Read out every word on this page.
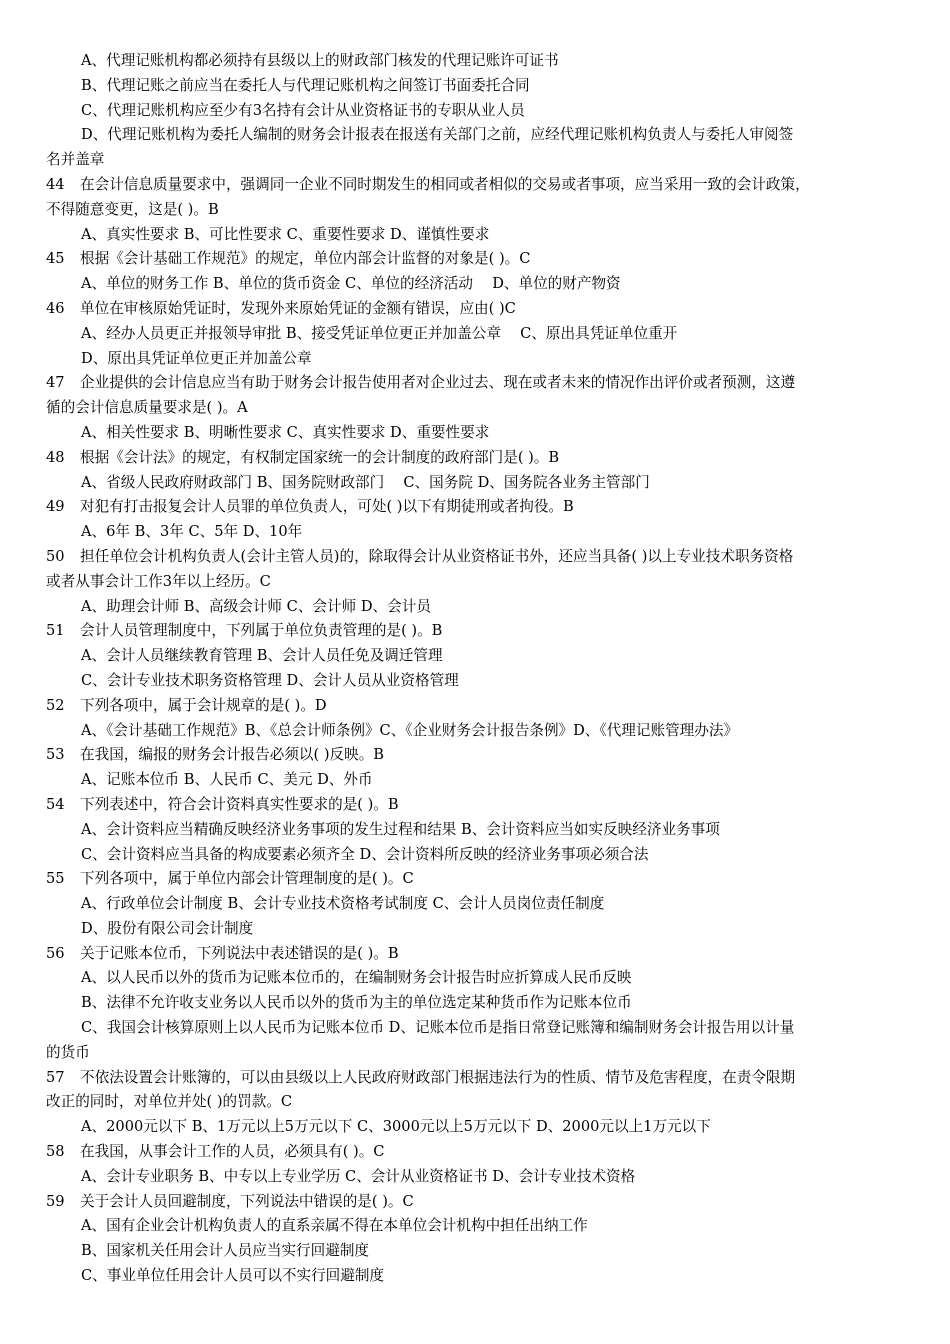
A、代理记账机构都必须持有县级以上的财政部门核发的代理记账许可证书
B、代理记账之前应当在委托人与代理记账机构之间签订书面委托合同
C、代理记账机构应至少有3名持有会计从业资格证书的专职从业人员
D、代理记账机构为委托人编制的财务会计报表在报送有关部门之前，应经代理记账机构负责人与委托人审阅签
名并盖章
44 在会计信息质量要求中，强调同一企业不同时期发生的相同或者相似的交易或者事项，应当采用一致的会计政策，
不得随意变更，这是( )。B
A、真实性要求 B、可比性要求 C、重要性要求 D、谨慎性要求
45 根据《会计基础工作规范》的规定，单位内部会计监督的对象是( )。C
A、单位的财务工作 B、单位的货币资金 C、单位的经济活动　 D、单位的财产物资
46 单位在审核原始凭证时，发现外来原始凭证的金额有错误，应由( )C
A、经办人员更正并报领导审批 B、接受凭证单位更正并加盖公章　 C、原出具凭证单位重开
D、原出具凭证单位更正并加盖公章
47 企业提供的会计信息应当有助于财务会计报告使用者对企业过去、现在或者未来的情况作出评价或者预测，这遵
循的会计信息质量要求是( )。A
A、相关性要求 B、明晰性要求 C、真实性要求 D、重要性要求
48 根据《会计法》的规定，有权制定国家统一的会计制度的政府部门是( )。B
A、省级人民政府财政部门 B、国务院财政部门　 C、国务院 D、国务院各业务主管部门
49 对犯有打击报复会计人员罪的单位负责人，可处( )以下有期徒刑或者拘役。B
A、6年 B、3年 C、5年 D、10年
50 担任单位会计机构负责人(会计主管人员)的，除取得会计从业资格证书外，还应当具备( )以上专业技术职务资格
或者从事会计工作3年以上经历。C
A、助理会计师 B、高级会计师 C、会计师 D、会计员
51 会计人员管理制度中，下列属于单位负责管理的是( )。B
A、会计人员继续教育管理 B、会计人员任免及调迁管理
C、会计专业技术职务资格管理 D、会计人员从业资格管理
52 下列各项中，属于会计规章的是( )。D
A、《会计基础工作规范》B、《总会计师条例》C、《企业财务会计报告条例》D、《代理记账管理办法》
53 在我国，编报的财务会计报告必须以( )反映。B
A、记账本位币 B、人民币 C、美元 D、外币
54 下列表述中，符合会计资料真实性要求的是( )。B
A、会计资料应当精确反映经济业务事项的发生过程和结果 B、会计资料应当如实反映经济业务事项
C、会计资料应当具备的构成要素必须齐全 D、会计资料所反映的经济业务事项必须合法
55 下列各项中，属于单位内部会计管理制度的是( )。C
A、行政单位会计制度 B、会计专业技术资格考试制度 C、会计人员岗位责任制度
D、股份有限公司会计制度
56 关于记账本位币，下列说法中表述错误的是( )。B
A、以人民币以外的货币为记账本位币的，在编制财务会计报告时应折算成人民币反映
B、法律不允许收支业务以人民币以外的货币为主的单位选定某种货币作为记账本位币
C、我国会计核算原则上以人民币为记账本位币 D、记账本位币是指日常登记账簿和编制财务会计报告用以计量
的货币
57 不依法设置会计账簿的，可以由县级以上人民政府财政部门根据违法行为的性质、情节及危害程度，在责令限期
改正的同时，对单位并处( )的罚款。C
A、2000元以下 B、1万元以上5万元以下 C、3000元以上5万元以下 D、2000元以上1万元以下
58 在我国，从事会计工作的人员，必须具有( )。C
A、会计专业职务 B、中专以上专业学历 C、会计从业资格证书 D、会计专业技术资格
59 关于会计人员回避制度，下列说法中错误的是( )。C
A、国有企业会计机构负责人的直系亲属不得在本单位会计机构中担任出纳工作
B、国家机关任用会计人员应当实行回避制度
C、事业单位任用会计人员可以不实行回避制度
